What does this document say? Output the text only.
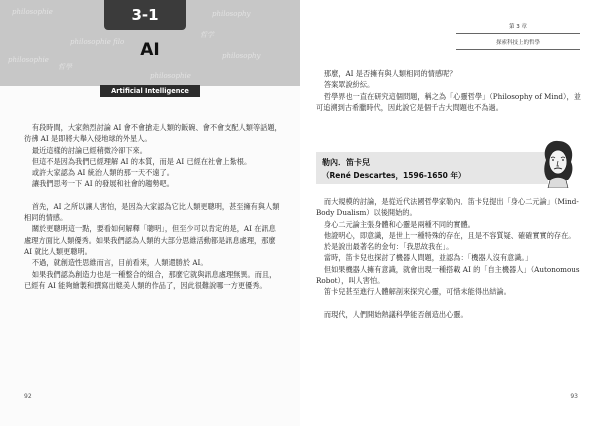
philosophie	philosophy
philosophie filo
哲学
philosophie
哲學
philosophy
philosophie
3-1
AI
Artificial Intelligence

有段時間，大家熱烈討論 AI 會不會搶走人類的飯碗、會不會支配人類等話題，彷彿 AI 是即將大舉入侵地球的外星人。

最近這樣的討論已經稍微冷卻下來。

但這不是因為我們已經理解 AI 的本質，而是 AI 已經在社會上紮根。

或許大家認為 AI 統治人類的那一天不遠了。

讓我們思考一下 AI 的發展和社會的趨勢吧。

首先，AI 之所以讓人害怕，是因為大家認為它比人類更聰明，甚至擁有與人類相同的情感。

關於更聰明這一點，要看如何解釋「聰明」，但至少可以肯定的是，AI 在訊息處理方面比人類優秀。如果我們認為人類的大部分思維活動都是訊息處理，那麼 AI 就比人類更聰明。

不過，就創造性思維而言，目前看來，人類還勝於 AI。

如果我們認為創造力也是一種整合的組合，那麼它就與訊息處理無異。而且，已經有 AI 能夠繪製和撰寫出媲美人類的作品了，因此很難說哪一方更優秀。

92
第 3 章
探索科技上的哲學

那麼，AI 是否擁有與人類相同的情感呢？

答案眾說紛紜。

哲學界也一直在研究這個問題，稱之為「心靈哲學」（Philosophy of Mind），並可追溯到古希臘時代，因此說它是個千古大問題也不為過。

勒內．笛卡兒
（René Descartes，1596-1650 年）

而大規模的討論，是從近代法國哲學家勒內．笛卡兒提出「身心二元論」（Mind-Body Dualism）以後開始的。

身心二元論主張身體和心靈是兩種不同的實體。

他證明心，即意識，是世上一種特殊的存在，且是不容質疑、確確實實的存在。

於是說出最著名的金句：「我思故我在」。

當時，笛卡兒也探討了機器人問題，並認為：「機器人沒有意識。」

但如果機器人擁有意識，就會出現一種搭載 AI 的「自主機器人」（Autonomous Robot），叫人害怕。

笛卡兒甚至進行人體解剖來探究心靈，可惜未能得出結論。

而現代，人們開始熱議科學能否創造出心靈。

93
